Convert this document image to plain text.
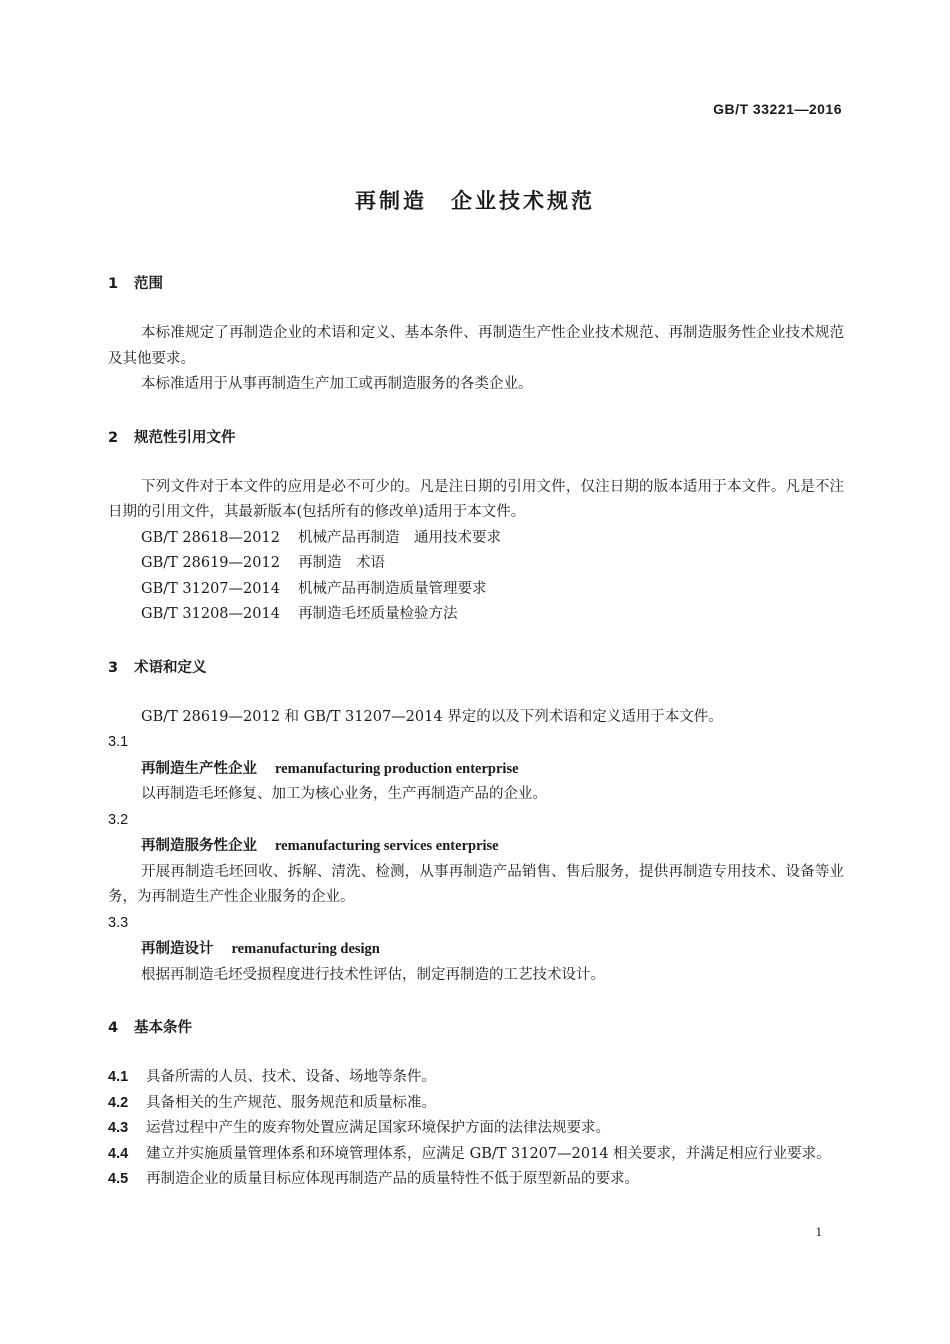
GB/T 33221—2016
再制造　企业技术规范
1 范围

本标准规定了再制造企业的术语和定义、基本条件、再制造生产性企业技术规范、再制造服务性企业技术规范及其他要求。

本标准适用于从事再制造生产加工或再制造服务的各类企业。

2 规范性引用文件

下列文件对于本文件的应用是必不可少的。凡是注日期的引用文件，仅注日期的版本适用于本文件。凡是不注日期的引用文件，其最新版本(包括所有的修改单)适用于本文件。

GB/T 28618—2012 机械产品再制造　通用技术要求
GB/T 28619—2012 再制造　术语
GB/T 31207—2014 机械产品再制造质量管理要求
GB/T 31208—2014 再制造毛坯质量检验方法
3 术语和定义

GB/T 28619—2012 和 GB/T 31207—2014 界定的以及下列术语和定义适用于本文件。

3.1
再制造生产性企业 remanufacturing production enterprise

以再制造毛坯修复、加工为核心业务，生产再制造产品的企业。

3.2
再制造服务性企业 remanufacturing services enterprise

开展再制造毛坯回收、拆解、清洗、检测，从事再制造产品销售、售后服务，提供再制造专用技术、设备等业务，为再制造生产性企业服务的企业。

3.3
再制造设计 remanufacturing design

根据再制造毛坯受损程度进行技术性评估，制定再制造的工艺技术设计。

4 基本条件
4.1 具备所需的人员、技术、设备、场地等条件。
4.2 具备相关的生产规范、服务规范和质量标准。
4.3 运营过程中产生的废弃物处置应满足国家环境保护方面的法律法规要求。
4.4 建立并实施质量管理体系和环境管理体系，应满足 GB/T 31207—2014 相关要求，并满足相应行业要求。
4.5 再制造企业的质量目标应体现再制造产品的质量特性不低于原型新品的要求。
1
